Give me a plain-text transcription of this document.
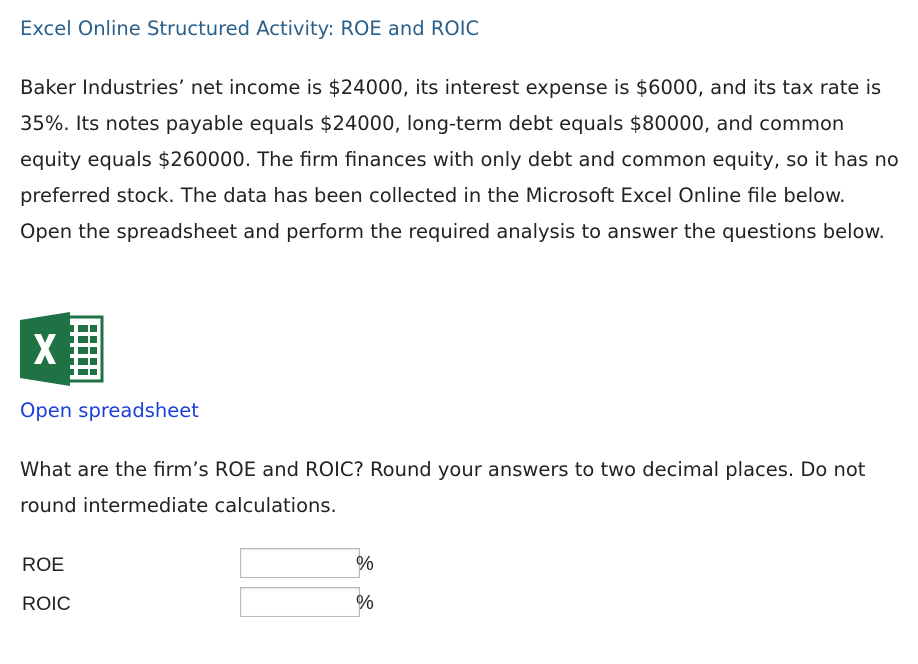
Excel Online Structured Activity: ROE and ROIC
Baker Industries’ net income is $24000, its interest expense is $6000, and its tax rate is 35%. Its notes payable equals $24000, long-term debt equals $80000, and common equity equals $260000. The firm finances with only debt and common equity, so it has no preferred stock. The data has been collected in the Microsoft Excel Online file below. Open the spreadsheet and perform the required analysis to answer the questions below.
Open spreadsheet
What are the firm’s ROE and ROIC? Round your answers to two decimal places. Do not round intermediate calculations.
ROE	%
ROIC	%
